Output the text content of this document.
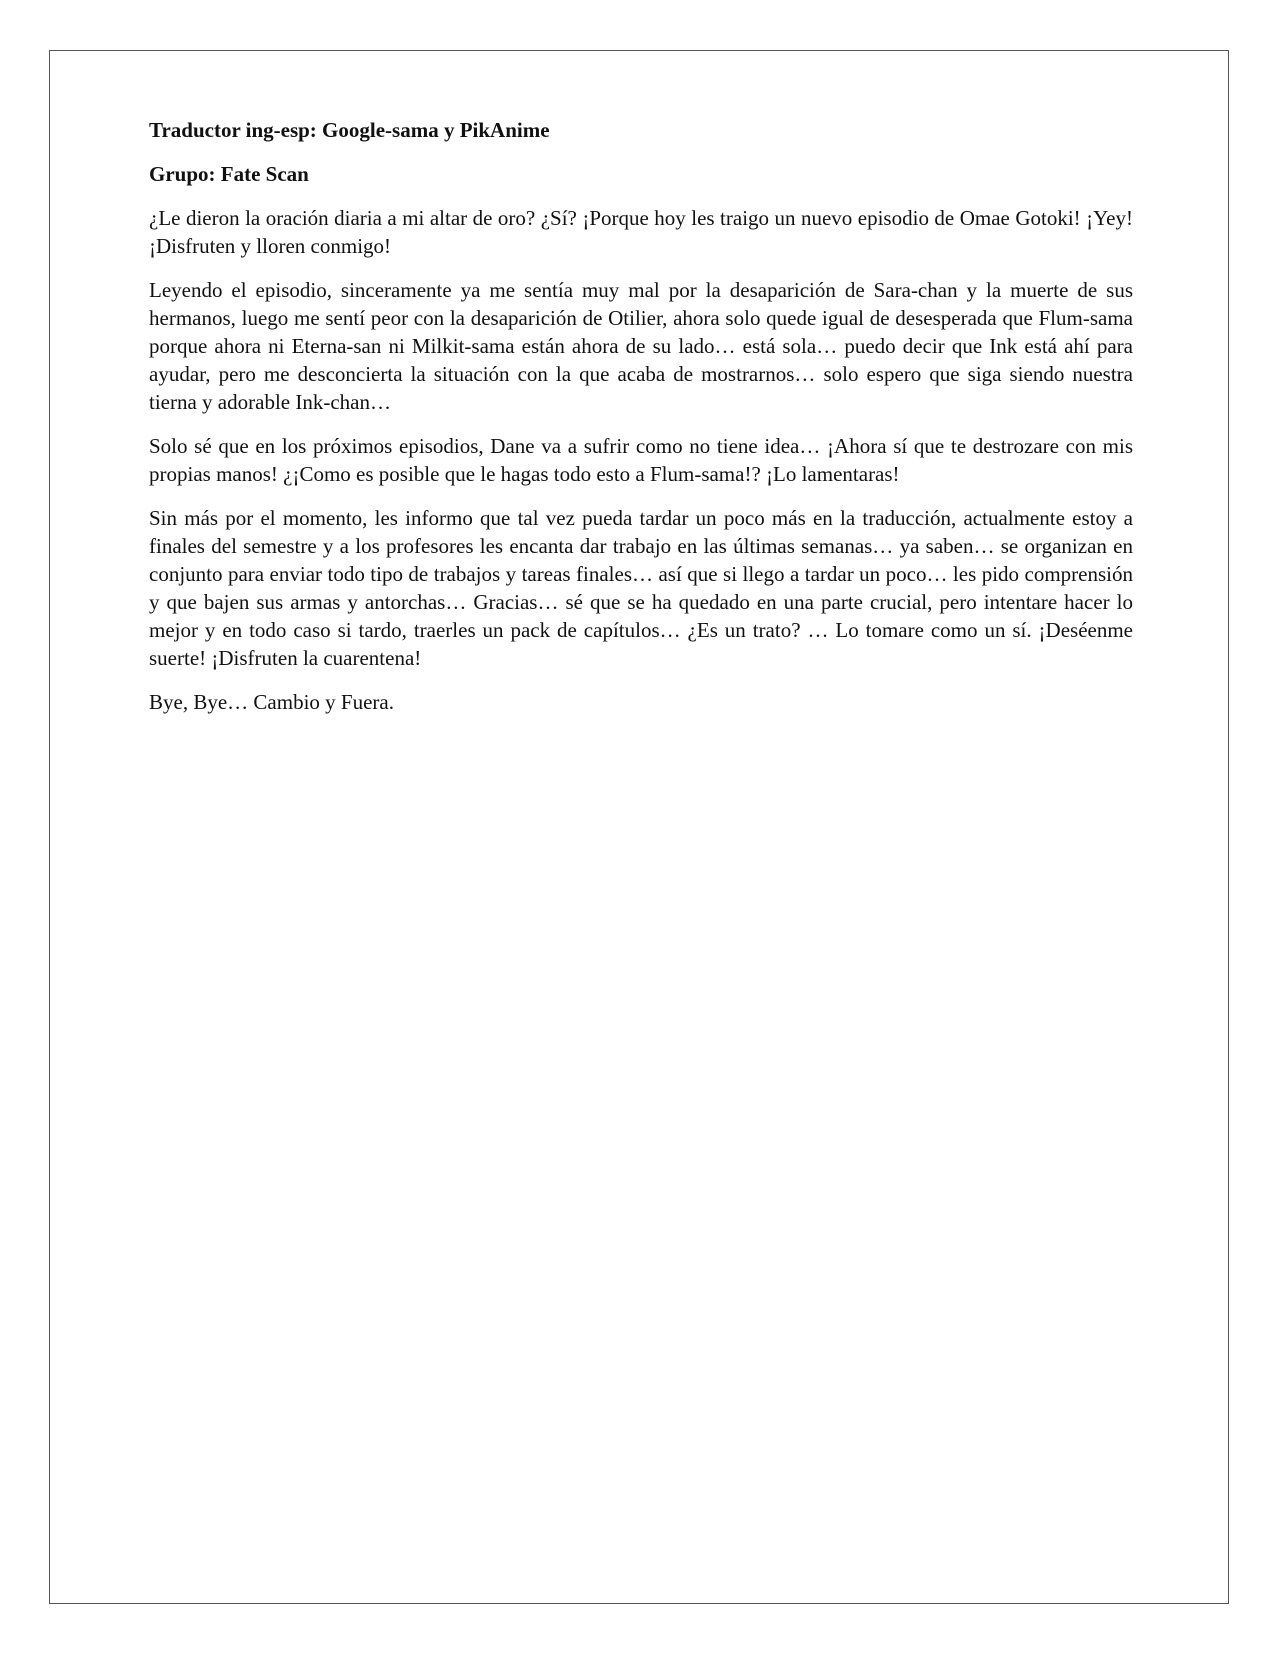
Traductor ing-esp: Google-sama y PikAnime

Grupo: Fate Scan

¿Le dieron la oración diaria a mi altar de oro? ¿Sí? ¡Porque hoy les traigo un nuevo episodio de Omae Gotoki! ¡Yey! ¡Disfruten y lloren conmigo!

Leyendo el episodio, sinceramente ya me sentía muy mal por la desaparición de Sara-chan y la muerte de sus hermanos, luego me sentí peor con la desaparición de Otilier, ahora solo quede igual de desesperada que Flum-sama porque ahora ni Eterna-san ni Milkit-sama están ahora de su lado… está sola… puedo decir que Ink está ahí para ayudar, pero me desconcierta la situación con la que acaba de mostrarnos… solo espero que siga siendo nuestra tierna y adorable Ink-chan…

Solo sé que en los próximos episodios, Dane va a sufrir como no tiene idea… ¡Ahora sí que te destrozare con mis propias manos! ¿¡Como es posible que le hagas todo esto a Flum-sama!? ¡Lo lamentaras!

Sin más por el momento, les informo que tal vez pueda tardar un poco más en la traducción, actualmente estoy a finales del semestre y a los profesores les encanta dar trabajo en las últimas semanas… ya saben… se organizan en conjunto para enviar todo tipo de trabajos y tareas finales… así que si llego a tardar un poco… les pido comprensión y que bajen sus armas y antorchas… Gracias… sé que se ha quedado en una parte crucial, pero intentare hacer lo mejor y en todo caso si tardo, traerles un pack de capítulos… ¿Es un trato? … Lo tomare como un sí. ¡Deséenme suerte! ¡Disfruten la cuarentena!

Bye, Bye… Cambio y Fuera.
